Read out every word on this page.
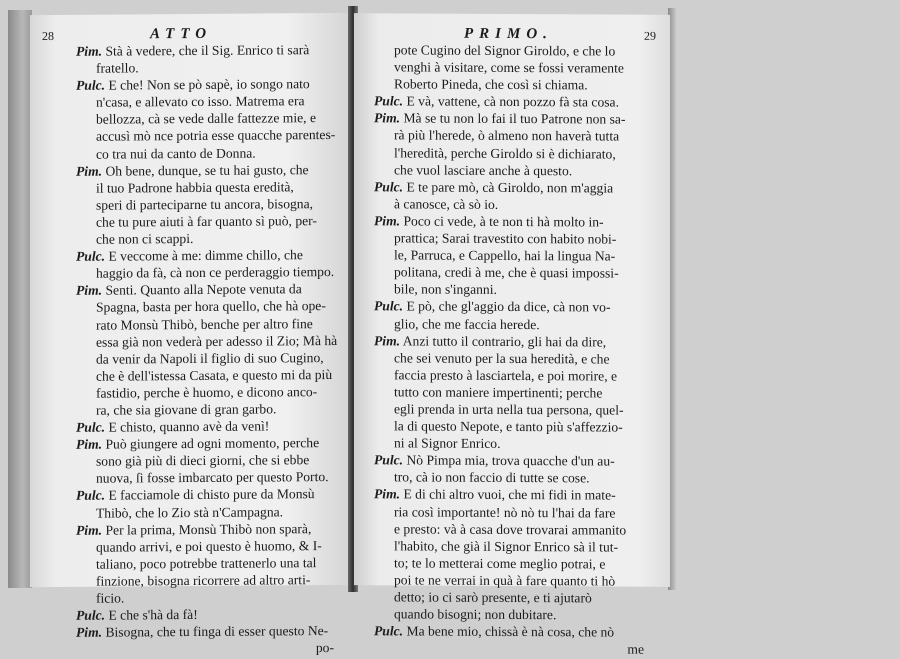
28	ATTO
Pim. Stà à vedere, che il Sig. Enrico ti sarà
fratello.
Pulc. E che! Non se pò sapè, io songo nato
n'casa, e allevato co isso. Matrema era
bellozza, cà se vede dalle fattezze mie, e
accusì mò nce potria esse quacche parentes-
co tra nui da canto de Donna.
Pim. Oh bene, dunque, se tu hai gusto, che
il tuo Padrone habbia questa eredità,
speri di parteciparne tu ancora, bisogna,
che tu pure aiuti à far quanto sì può, per-
che non ci scappi.
Pulc. E veccome à me: dimme chillo, che
haggio da fà, cà non ce perderaggio tiempo.
Pim. Senti. Quanto alla Nepote venuta da
Spagna, basta per hora quello, che hà ope-
rato Monsù Thibò, benche per altro fine
essa già non vederà per adesso il Zio; Mà hà
da venir da Napoli il figlio di suo Cugino,
che è dell'istessa Casata, e questo mi da più
fastidio, perche è huomo, e dicono anco-
ra, che sia giovane di gran garbo.
Pulc. E chisto, quanno avè da venì!
Pim. Può giungere ad ogni momento, perche
sono già più di dieci giorni, che si ebbe
nuova, ſi fosse imbarcato per questo Porto.
Pulc. E facciamole di chisto pure da Monsù
Thibò, che lo Zio stà n'Campagna.
Pim. Per la prima, Monsù Thibò non sparà,
quando arrivi, e poi questo è huomo, & I-
taliano, poco potrebbe trattenerlo una tal
finzione, bisogna ricorrere ad altro arti-
ficio.
Pulc. E che s'hà da fà!
Pim. Bisogna, che tu finga di esser questo Ne-
po-
PRIMO.	29
pote Cugino del Signor Giroldo, e che lo
venghi à visitare, come se fossi veramente
Roberto Pineda, che così si chiama.
Pulc. E và, vattene, cà non pozzo fà sta cosa.
Pim. Mà se tu non lo fai il tuo Patrone non sa-
rà più l'herede, ò almeno non haverà tutta
l'heredità, perche Giroldo si è dichiarato,
che vuol lasciare anche à questo.
Pulc. E te pare mò, cà Giroldo, non m'aggia
à canosce, cà sò io.
Pim. Poco ci vede, à te non ti hà molto in-
prattica; Sarai travestito con habito nobi-
le, Parruca, e Cappello, hai la lingua Na-
politana, credi à me, che è quasi impossi-
bile, non s'inganni.
Pulc. E pò, che gl'aggio da dice, cà non vo-
glio, che me faccia herede.
Pim. Anzi tutto il contrario, gli hai da dire,
che sei venuto per la sua heredità, e che
faccia presto à lasciartela, e poi morire, e
tutto con maniere impertinenti; perche
egli prenda in urta nella tua persona, quel-
la di questo Nepote, e tanto più s'affezzio-
ni al Signor Enrico.
Pulc. Nò Pimpa mia, trova quacche d'un au-
tro, cà io non faccio di tutte se cose.
Pim. E di chi altro vuoi, che mi fidi in mate-
ria così importante! nò nò tu l'hai da fare
e presto: và à casa dove trovarai ammanito
l'habito, che già il Signor Enrico sà il tut-
to; te lo metterai come meglio potrai, e
poi te ne verrai in quà à fare quanto ti hò
detto; io ci sarò presente, e ti ajutarò
quando bisogni; non dubitare.
Pulc. Ma bene mio, chissà è nà cosa, che nò
me
